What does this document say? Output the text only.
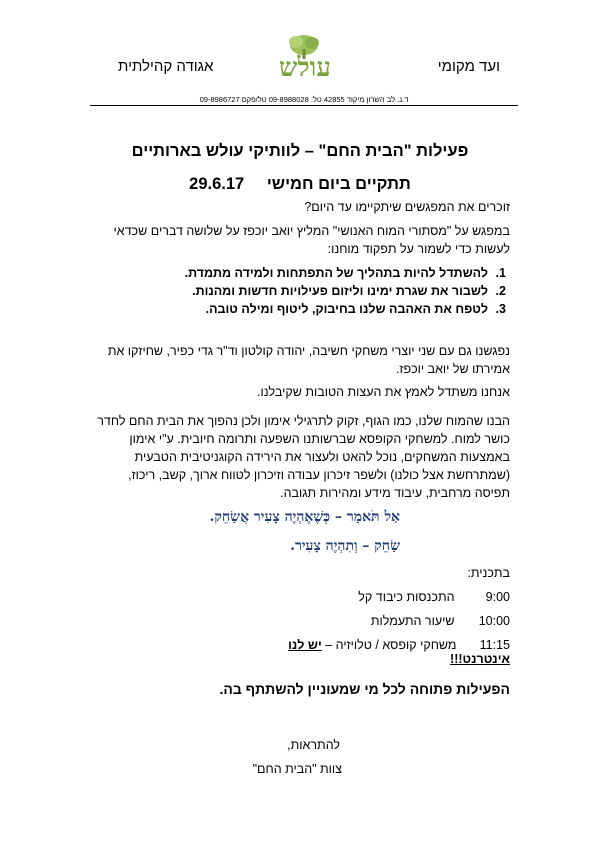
ועד מקומי
עולש
אגודה קהילתית
ד.נ. לב השרון מיקוד 42855 טל. 09-8988028 טל/פקס 09-8986727
פעילות "הבית החם" – לוותיקי עולש בארותיים
תתקיים ביום חמישי 29.6.17
זוכרים את המפגשים שיתקיימו עד היום?
במפגש על "מסתורי המוח האנושי" המליץ יואב יוכפז על שלושה דברים שכדאי לעשות כדי לשמור על תפקוד מוחנו:
1. להשתדל להיות בתהליך של התפתחות ולמידה מתמדת.
2. לשבור את שגרת ימינו וליזום פעילויות חדשות ומהנות.
3. לטפח את האהבה שלנו בחיבוק, ליטוף ומילה טובה.
נפגשנו גם עם שני יוצרי משחקי חשיבה, יהודה קולטון וד"ר גדי כפיר, שחיזקו את אמירתו של יואב יוכפז.
אנחנו משתדל לאמץ את העצות הטובות שקיבלנו.
הבנו שהמוח שלנו, כמו הגוף, זקוק לתרגילי אימון ולכן נהפוך את הבית החם לחדר כושר למוח. למשחקי הקופסא שברשותנו השפעה ותרומה חיובית. ע"י אימון באמצעות המשחקים, נוכל להאט ולעצור את הירידה הקוגניטיבית הטבעית (שמתרחשת אצל כולנו) ולשפר זיכרון עבודה וזיכרון לטווח ארוך, קשב, ריכוז, תפיסה מרחבית, עיבוד מידע ומהירות תגובה.
אַל תֹּאמַר – כְּשֶׁאֶהְיֶה צָעִיר אֲשַׂחֵק.
שַׂחֵק – וְתִהְיֶה צָעִיר.
בתכנית:
9:00 התכנסות כיבוד קל
10:00 שיעור התעמלות
11:15 משחקי קופסא / טלויזיה – יש לנו אינטרנט!!!
הפעילות פתוחה לכל מי שמעוניין להשתתף בה.
להתראות,
צוות "הבית החם"
